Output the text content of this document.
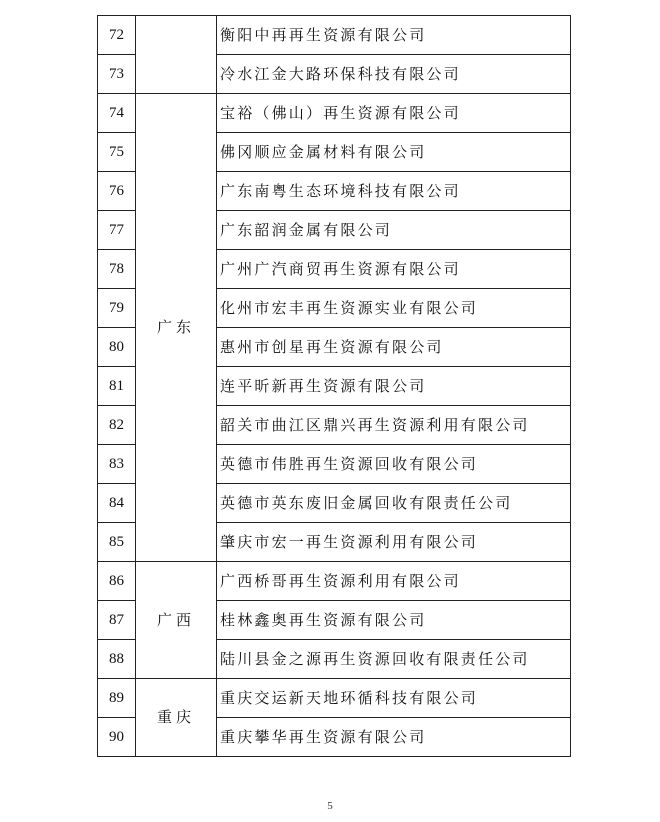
72		衡阳中再再生资源有限公司
73		冷水江金大路环保科技有限公司
74	广东	宝裕（佛山）再生资源有限公司
75		佛冈顺应金属材料有限公司
76		广东南粤生态环境科技有限公司
77		广东韶润金属有限公司
78		广州广汽商贸再生资源有限公司
79		化州市宏丰再生资源实业有限公司
80		惠州市创星再生资源有限公司
81		连平昕新再生资源有限公司
82		韶关市曲江区鼎兴再生资源利用有限公司
83		英德市伟胜再生资源回收有限公司
84		英德市英东废旧金属回收有限责任公司
85		肇庆市宏一再生资源利用有限公司
86	广西	广西桥哥再生资源利用有限公司
87		桂林鑫奥再生资源有限公司
88		陆川县金之源再生资源回收有限责任公司
89	重庆	重庆交运新天地环循科技有限公司
90		重庆攀华再生资源有限公司
5
